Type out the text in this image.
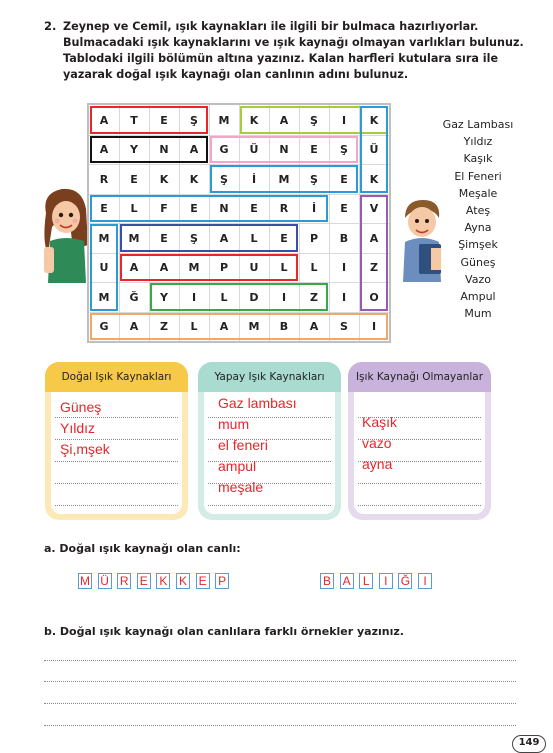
2. Zeynep ve Cemil, ışık kaynakları ile ilgili bir bulmaca hazırlıyorlar.
Bulmacadaki ışık kaynaklarını ve ışık kaynağı olmayan varlıkları bulunuz.
Tablodaki ilgili bölümün altına yazınız. Kalan harfleri kutulara sıra ile
yazarak doğal ışık kaynağı olan canlının adını bulunuz.
A	T	E	Ş	M	K	A	Ş	I	K
A	Y	N	A	G	Ü	N	E	Ş	Ü
R	E	K	K	Ş	İ	M	Ş	E	K
E	L	F	E	N	E	R	İ	E	V
M	M	E	Ş	A	L	E	P	B	A
U	A	A	M	P	U	L	L	I	Z
M	Ğ	Y	I	L	D	I	Z	I	O
G	A	Z	L	A	M	B	A	S	I
Gaz Lambası
Yıldız
Kaşık
El Feneri
Meşale
Ateş
Ayna
Şimşek
Güneş
Vazo
Ampul
Mum
Doğal Işık Kaynakları
Güneş
Yıldız
Şi,mşek
Yapay Işık Kaynakları
Gaz lambası
mum
el feneri
ampul
meşale
Işık Kaynağı Olmayanlar
Kaşık
vazo
ayna
a. Doğal ışık kaynağı olan canlı:
M Ü R E K K E P	B A	L	I	Ğ	I
b. Doğal ışık kaynağı olan canlılara farklı örnekler yazınız.
149
